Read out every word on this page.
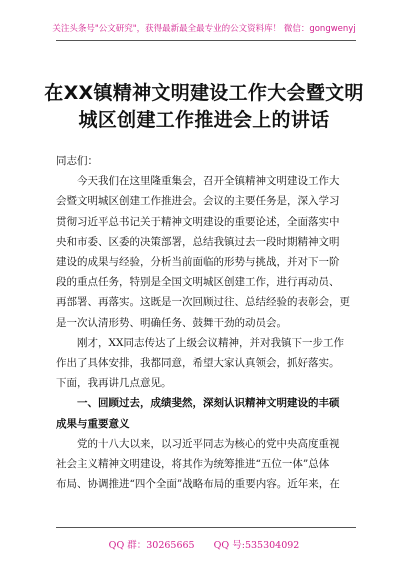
关注头条号"公文研究"，获得最新最全最专业的公文资料库！ 微信：gongwenyj
在XX镇精神文明建设工作大会暨文明
城区创建工作推进会上的讲话
同志们：
今天我们在这里隆重集会，召开全镇精神文明建设工作大
会暨文明城区创建工作推进会。会议的主要任务是，深入学习
贯彻习近平总书记关于精神文明建设的重要论述，全面落实中
央和市委、区委的决策部署，总结我镇过去一段时期精神文明
建设的成果与经验，分析当前面临的形势与挑战，并对下一阶
段的重点任务，特别是全国文明城区创建工作，进行再动员、
再部署、再落实。这既是一次回顾过往、总结经验的表彰会，更
是一次认清形势、明确任务、鼓舞干劲的动员会。
刚才，XX同志传达了上级会议精神，并对我镇下一步工作
作出了具体安排，我都同意，希望大家认真领会，抓好落实。
下面，我再讲几点意见。
一、回顾过去，成绩斐然，深刻认识精神文明建设的丰硕
成果与重要意义
党的十八大以来，以习近平同志为核心的党中央高度重视
社会主义精神文明建设，将其作为统筹推进“五位一体”总体
布局、协调推进“四个全面”战略布局的重要内容。近年来，在
QQ 群：30265665 QQ 号:535304092
